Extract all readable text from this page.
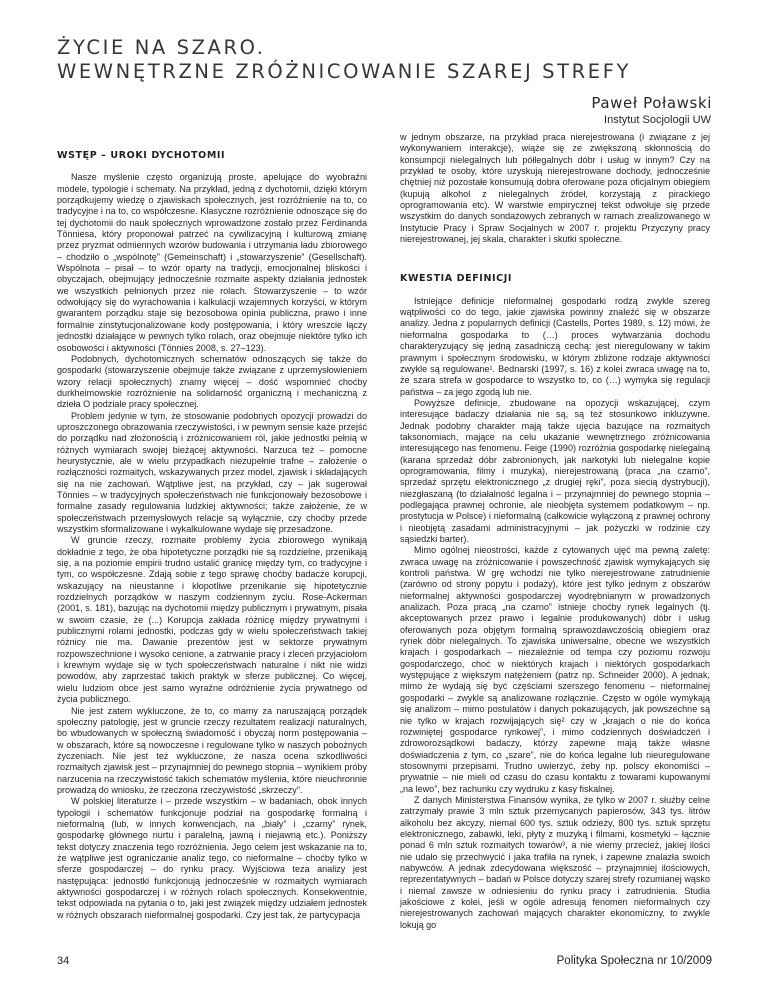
ŻYCIE NA SZARO.
WEWNĘTRZNE ZRÓŻNICOWANIE SZAREJ STREFY
Paweł Poławski
Instytut Socjologii UW
WSTĘP – UROKI DYCHOTOMII

Nasze myślenie często organizują proste, apelujące do wyobraźni modele, typologie i schematy. Na przykład, jedną z dychotomii, dzięki którym porządkujemy wiedzę o zjawiskach społecznych, jest rozróżnienie na to, co tradycyjne i na to, co współczesne. Klasyczne rozróżnienie odnoszące się do tej dychotomii do nauk społecznych wprowadzone zostało przez Ferdinanda Tönniesa, który proponował patrzeć na cywilizacyjną i kulturową zmianę przez pryzmat odmiennych wzorów budowania i utrzymania ładu zbiorowego – chodziło o „wspólnotę” (Gemeinschaft) i „stowarzyszenie” (Gesellschaft). Wspólnota – pisał – to wzór oparty na tradycji, emocjonalnej bliskości i obyczajach, obejmujący jednocześnie rozmaite aspekty działania jednostek we wszystkich pełnionych przez nie rolach. Stowarzyszenie – to wzór odwołujący się do wyrachowania i kalkulacji wzajemnych korzyści, w którym gwarantem porządku staje się bezosobowa opinia publiczna, prawo i inne formalnie zinstytucjonalizowane kody postępowania, i który wreszcie łączy jednostki działające w pewnych tylko rolach, oraz obejmuje niektóre tylko ich osobowości i aktywności (Tönnies 2008, s. 27–123).

Podobnych, dychotomicznych schematów odnoszących się także do gospodarki (stowarzyszenie obejmuje także związane z uprzemysłowieniem wzory relacji społecznych) znamy więcej – dość wspomnieć choćby durkheimowskie rozróżnienie na solidarność organiczną i mechaniczną z dzieła O podziale pracy społecznej.

Problem jedynie w tym, że stosowanie podobnych opozycji prowadzi do uproszczonego obrazowania rzeczywistości, i w pewnym sensie każe przejść do porządku nad złożonością i zróżnicowaniem ról, jakie jednostki pełnią w różnych wymiarach swojej bieżącej aktywności. Narzuca też – pomocne heurystycznie, ale w wielu przypadkach niezupełnie trafne – założenie o rozłączności rozmaitych, wskazywanych przez model, zjawisk i składających się na nie zachowań. Wątpliwe jest, na przykład, czy – jak sugerował Tönnies – w tradycyjnych społeczeństwach nie funkcjonowały bezosobowe i formalne zasady regulowania ludzkiej aktywności; także założenie, że w społeczeństwach przemysłowych relacje są wyłącznie, czy choćby przede wszystkim sformalizowane i wykalkulowane wydaje się przesadzone.

W gruncie rzeczy, rozmaite problemy życia zbiorowego wynikają dokładnie z tego, że oba hipotetyczne porządki nie są rozdzielne, przenikają się, a na poziomie empirii trudno ustalić granicę między tym, co tradycyjne i tym, co współczesne. Zdają sobie z tego sprawę choćby badacze korupcji, wskazujący na nieustanne i kłopotliwe przenikanie się hipotetycznie rozdzielnych porządków w naszym codziennym życiu. Rose-Ackerman (2001, s. 181), bazując na dychotomii między publicznym i prywatnym, pisała w swoim czasie, że (...) Korupcja zakłada różnicę między prywatnymi i publicznymi rolami jednostki, podczas gdy w wielu społeczeństwach takiej różnicy nie ma. Dawanie prezentów jest w sektorze prywatnym rozpowszechnione i wysoko cenione, a zatrwanie pracy i zleceń przyjaciołom i krewnym wydaje się w tych społeczeństwach naturalne i nikt nie widzi powodów, aby zaprzestać takich praktyk w sferze publicznej. Co więcej, wielu ludziom obce jest samo wyraźne odróżnienie życia prywatnego od życia publicznego.

Nie jest zatem wykluczone, że to, co mamy za naruszającą porządek społeczny patologię, jest w gruncie rzeczy rezultatem realizacji naturalnych, bo wbudowanych w społeczną świadomość i obyczaj norm postępowania – w obszarach, które są nowoczesne i regulowane tylko w naszych pobożnych życzeniach. Nie jest też wykluczone, że nasza ocena szkodliwości rozmaitych zjawisk jest – przynajmniej do pewnego stopnia – wynikiem próby narzucenia na rzeczywistość takich schematów myślenia, które nieuchronnie prowadzą do wniosku, że rzeczona rzeczywistość „skrzeczy”.

W polskiej literaturze i – przede wszystkim – w badaniach, obok innych typologii i schematów funkcjonuje podział na gospodarkę formalną i nieformalną (lub, w innych konwencjach, na „biały” i „czarny” rynek, gospodarkę głównego nurtu i paralelną, jawną i niejawną etc.). Poniższy tekst dotyczy znaczenia tego rozróżnienia. Jego celem jest wskazanie na to, że wątpliwe jest ograniczanie analiz tego, co nieformalne – choćby tylko w sferze gospodarczej – do rynku pracy. Wyjściowa teza analizy jest następująca: jednostki funkcjonują jednocześnie w rozmaitych wymiarach aktywności gospodarczej i w różnych rolach społecznych. Konsekwentnie, tekst odpowiada na pytania o to, jaki jest związek między udziałem jednostek w różnych obszarach nieformalnej gospodarki. Czy jest tak, że partycypacja

w jednym obszarze, na przykład praca nierejestrowana (i związane z jej wykonywaniem interakcje), wiąże się ze zwiększoną skłonnością do konsumpcji nielegalnych lub półlegalnych dóbr i usług w innym? Czy na przykład te osoby, które uzyskują nierejestrowane dochody, jednocześnie chętniej niż pozostałe konsumują dobra oferowane poza oficjalnym obiegiem (kupują alkohol z nielegalnych źródeł, korzystają z pirackiego oprogramowania etc). W warstwie empirycznej tekst odwołuje się przede wszystkim do danych sondażowych zebranych w ramach zrealizowanego w Instytucie Pracy i Spraw Socjalnych w 2007 r. projektu Przyczyny pracy nierejestrowanej, jej skala, charakter i skutki społeczne.

KWESTIA DEFINICJI

Istniejące definicje nieformalnej gospodarki rodzą zwykle szereg wątpliwości co do tego, jakie zjawiska powinny znaleźć się w obszarze analizy. Jedna z popularnych definicji (Castells, Portes 1989, s. 12) mówi, że nieformalna gospodarka to (…) proces wytwarzania dochodu charakteryzujący się jedną zasadniczą cechą: jest nieregulowany w takim prawnym i społecznym środowisku, w którym zbliżone rodzaje aktywności zwykle są regulowane¹. Bednarski (1997, s. 16) z kolei zwraca uwagę na to, że szara strefa w gospodarce to wszystko to, co (…) wymyka się regulacji państwa – za jego zgodą lub nie.

Powyższe definicje, zbudowane na opozycji wskazującej, czym interesujące badaczy działania nie są, są też stosunkowo inkluzywne. Jednak podobny charakter mają także ujęcia bazujące na rozmaitych taksonomiach, mające na celu ukazanie wewnętrznego zróżnicowania interesującego nas fenomenu. Feige (1990) rozróżnia gospodarkę nielegalną (karana sprzedaż dóbr zabronionych, jak narkotyki lub nielegalne kopie oprogramowania, filmy i muzyka), nierejestrowaną (praca „na czarno”, sprzedaż sprzętu elektronicznego „z drugiej ręki”, poza siecią dystrybucji), niezgłaszaną (to działalność legalna i – przynajmniej do pewnego stopnia – podlegająca prawnej ochronie, ale nieobjęta systemem podatkowym – np. prostytucja w Polsce) i nieformalną (całkowicie wyłączoną z prawnej ochrony i nieobjętą zasadami administracyjnymi – jak pożyczki w rodzinie czy sąsiedzki barter).

Mimo ogólnej nieostrości, każde z cytowanych ujęć ma pewną zaletę: zwraca uwagę na zróżnicowanie i powszechność zjawisk wymykających się kontroli państwa. W grę wchodzi nie tylko nierejestrowane zatrudnienie (zarówno od strony popytu i podaży), które jest tylko jednym z obszarów nieformalnej aktywności gospodarczej wyodrębnianym w prowadzonych analizach. Poza pracą „na czarno” istnieje choćby rynek legalnych (tj. akceptowanych przez prawo i legalnie produkowanych) dóbr i usług oferowanych poza objętym formalną sprawozdawczością obiegiem oraz rynek dóbr nielegalnych. To zjawiska uniwersalne, obecne we wszystkich krajach i gospodarkach – niezależnie od tempa czy poziomu rozwoju gospodarczego, choć w niektórych krajach i niektórych gospodarkach występujące z większym natężeniem (patrz np. Schneider 2000). A jednak, mimo że wydają się być częściami szerszego fenomenu – nieformalnej gospodarki – zwykle są analizowane rozłącznie. Często w ogóle wymykają się analizom – mimo postulatów i danych pokazujących, jak powszechne są nie tylko w krajach rozwijających się² czy w „krajach o nie do końca rozwiniętej gospodarce rynkowej”, i mimo codziennych doświadczeń i zdroworozsądkowi badaczy, którzy zapewne mają także własne doświadczenia z tym, co „szare”, nie do końca legalne lub nieuregulowane stosownymi przepisami. Trudno uwierzyć, żeby np. polscy ekonomiści – prywatnie – nie mieli od czasu do czasu kontaktu z towarami kupowanymi „na lewo”, bez rachunku czy wydruku z kasy fiskalnej.

Z danych Ministerstwa Finansów wynika, że tylko w 2007 r. służby celne zatrzymały prawie 3 mln sztuk przemycanych papierosów, 343 tys. litrów alkoholu bez akcyzy, niemal 600 tys. sztuk odzieży, 800 tys. sztuk sprzętu elektronicznego, zabawki, leki, płyty z muzyką i filmami, kosmetyki – łącznie ponad 6 mln sztuk rozmaitych towarów³, a nie wiemy przecież, jakiej ilości nie udało się przechwycić i jaka trafiła na rynek, i zapewne znalazła swoich nabywców. A jednak zdecydowana większość – przynajmniej ilościowych, reprezentatywnych – badań w Polsce dotyczy szarej strefy rozumianej wąsko i niemal zawsze w odniesieniu do rynku pracy i zatrudnienia. Studia jakościowe z kolei, jeśli w ogóle adresują fenomen nieformalnych czy nierejestrowanych zachowań mających charakter ekonomiczny, to zwykle lokują go

34	Polityka Społeczna nr 10/2009
